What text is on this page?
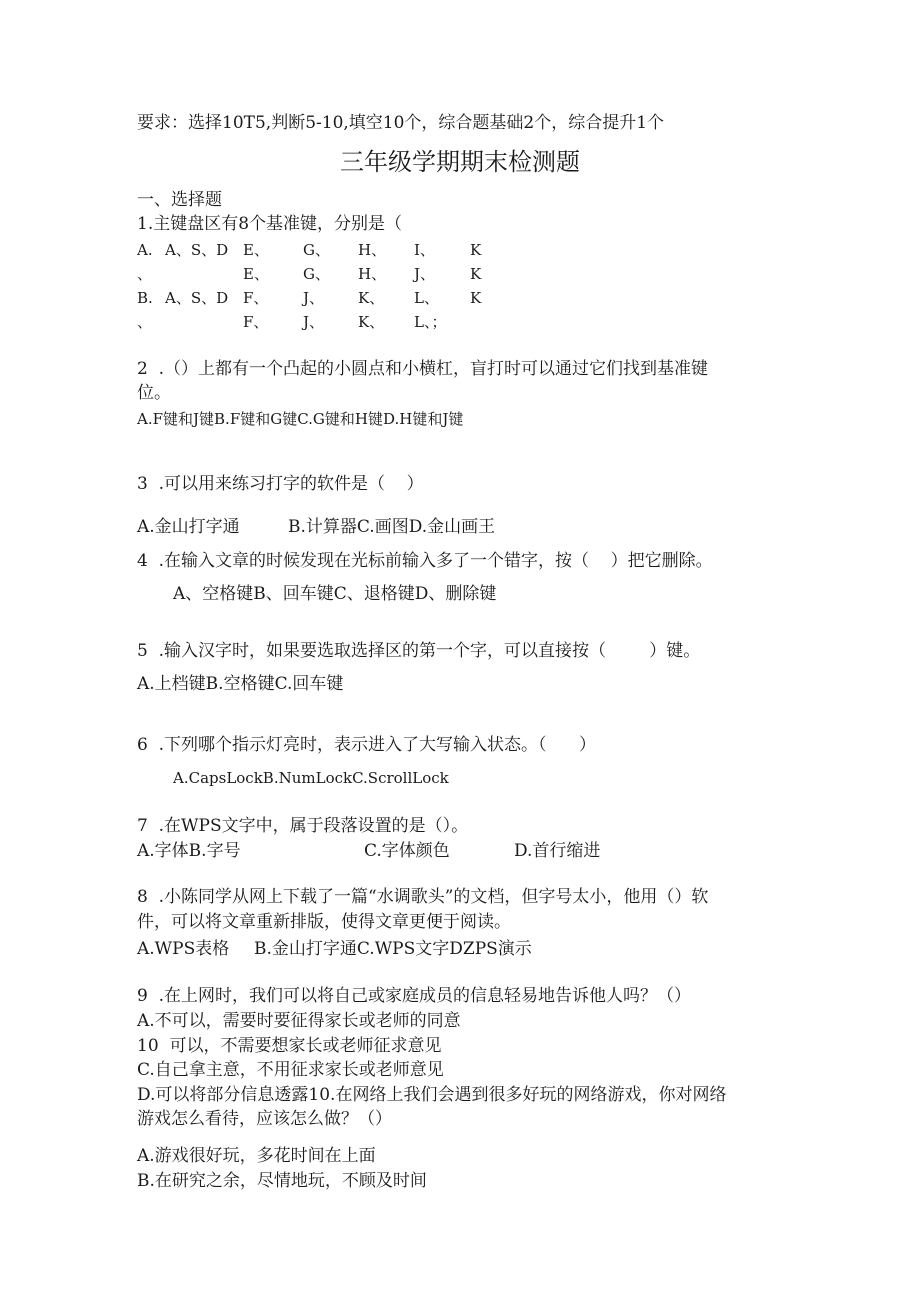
要求：选择10T5,判断5-10,填空10个，综合题基础2个，综合提升1个
三年级学期期末检测题
一、选择题
1.主键盘区有8个基准键，分别是（
A. A、S、D E、 G、 H、 I、 K
、	E、 G、 H、 J、 K
B. A、S、D F、 J、 K、 L、 K
、	F、 J、 K、 L、；
2  .（）上都有一个凸起的小圆点和小横杠，盲打时可以通过它们找到基准键
位。
A.F键和J键B.F键和G键C.G键和H键D.H键和J键
3  .可以用来练习打字的软件是（    ）
A.金山打字通	B.计算器C.画图D.金山画王
4  .在输入文章的时候发现在光标前输入多了一个错字，按（    ）把它删除。
A、空格键B、回车键C、退格键D、删除键
5  .输入汉字时，如果要选取选择区的第一个字，可以直接按（        ）键。
A.上档键B.空格键C.回车键
6  .下列哪个指示灯亮时，表示进入了大写输入状态。（      ）
A.CapsLockB.NumLockC.ScrollLock
7  .在WPS文字中，属于段落设置的是（）。
A.字体B.字号	C.字体颜色	D.首行缩进
8  .小陈同学从网上下载了一篇“水调歌头”的文档，但字号太小，他用（）软
件，可以将文章重新排版，使得文章更便于阅读。
A.WPS表格 B.金山打字通C.WPS文字DZPS演示
9  .在上网时，我们可以将自己或家庭成员的信息轻易地告诉他人吗？（）
A.不可以，需要时要征得家长或老师的同意
10  可以，不需要想家长或老师征求意见
C.自己拿主意，不用征求家长或老师意见
D.可以将部分信息透露10.在网络上我们会遇到很多好玩的网络游戏，你对网络
游戏怎么看待，应该怎么做？（）
A.游戏很好玩，多花时间在上面
B.在研究之余，尽情地玩，不顾及时间
